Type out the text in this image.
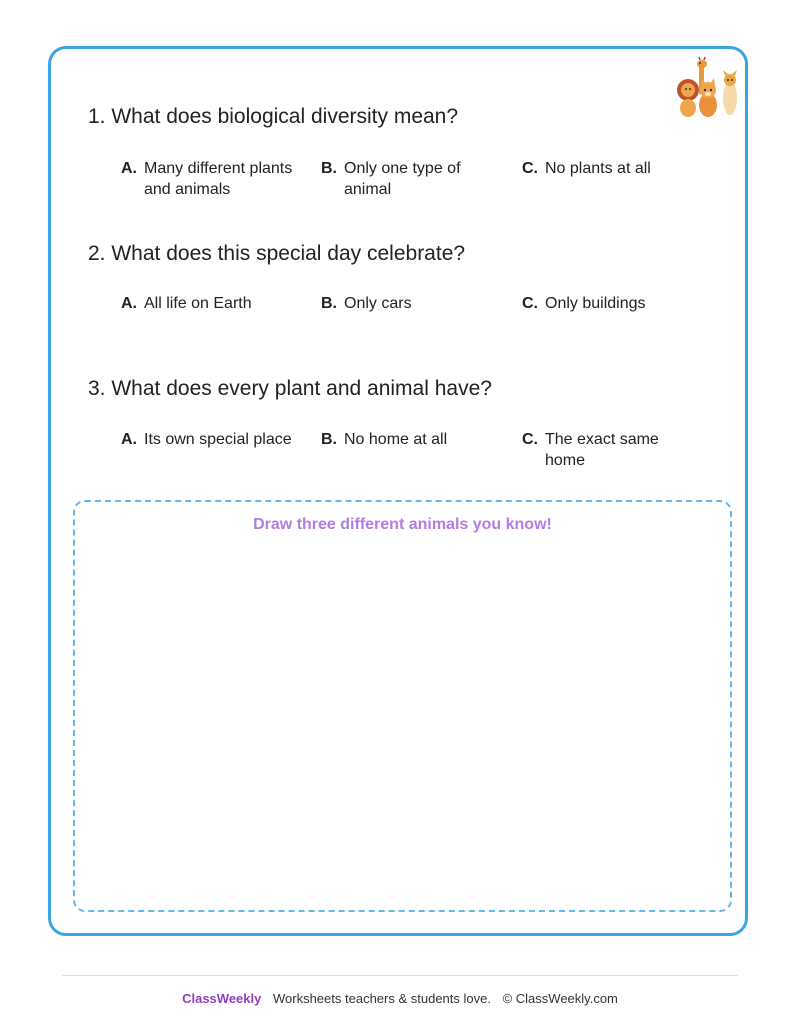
1. What does biological diversity mean?
A. Many different plants and animals
B. Only one type of animal
C. No plants at all
2. What does this special day celebrate?
A. All life on Earth	B. Only cars	C. Only buildings
3. What does every plant and animal have?
A. Its own special place	B. No home at all	C. The exact same home
Draw three different animals you know!
ClassWeekly Worksheets teachers & students love. © ClassWeekly.com
